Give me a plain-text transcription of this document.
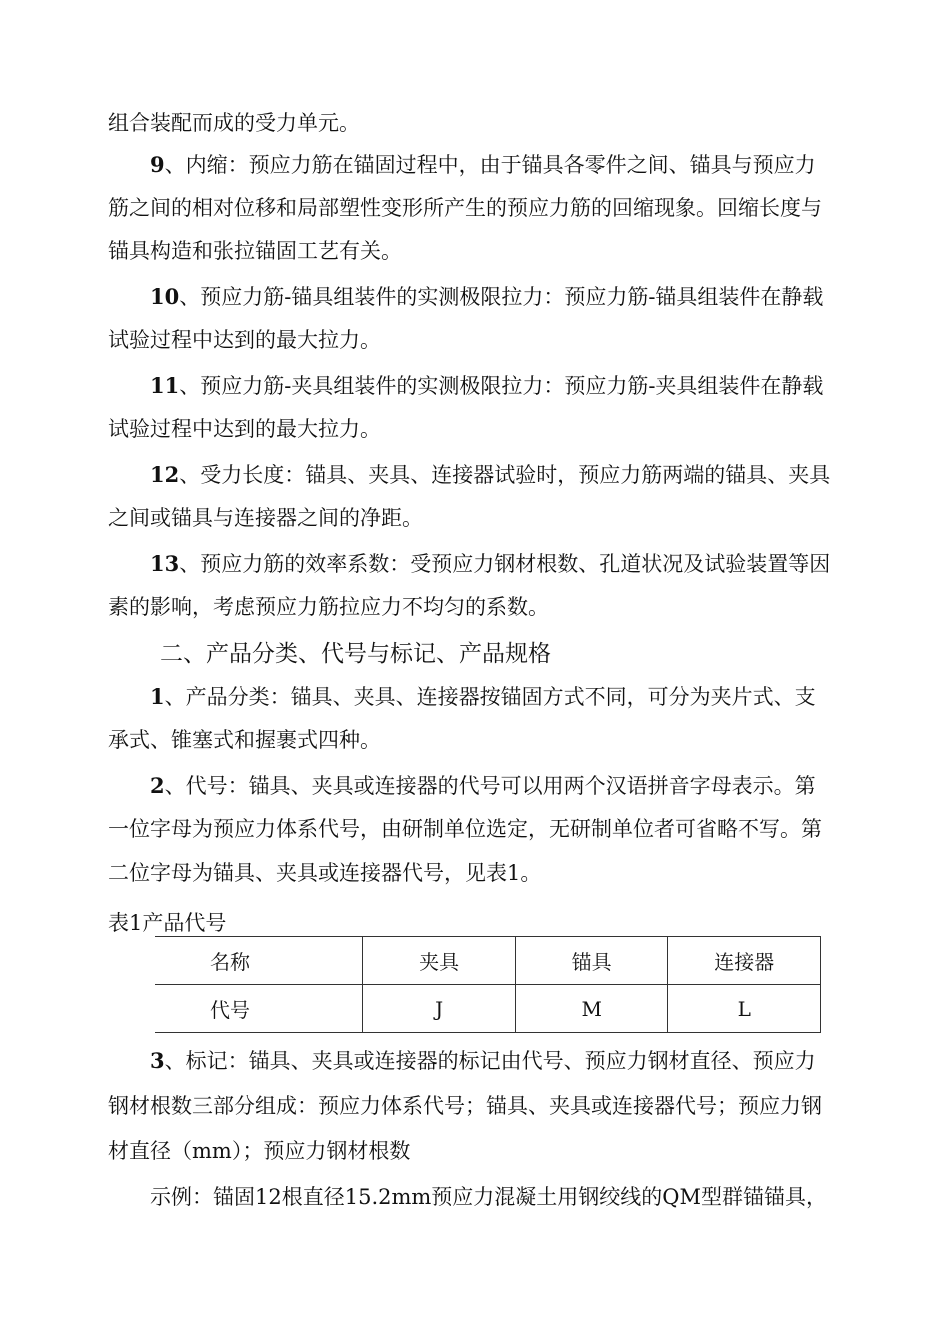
组合装配而成的受力单元。
9、内缩：预应力筋在锚固过程中，由于锚具各零件之间、锚具与预应力
筋之间的相对位移和局部塑性变形所产生的预应力筋的回缩现象。回缩长度与
锚具构造和张拉锚固工艺有关。
10、预应力筋-锚具组装件的实测极限拉力：预应力筋-锚具组装件在静载
试验过程中达到的最大拉力。
11、预应力筋-夹具组装件的实测极限拉力：预应力筋-夹具组装件在静载
试验过程中达到的最大拉力。
12、受力长度：锚具、夹具、连接器试验时，预应力筋两端的锚具、夹具
之间或锚具与连接器之间的净距。
13、预应力筋的效率系数：受预应力钢材根数、孔道状况及试验装置等因
素的影响，考虑预应力筋拉应力不均匀的系数。
二、产品分类、代号与标记、产品规格
1、产品分类：锚具、夹具、连接器按锚固方式不同，可分为夹片式、支
承式、锥塞式和握裹式四种。
2、代号：锚具、夹具或连接器的代号可以用两个汉语拼音字母表示。第
一位字母为预应力体系代号，由研制单位选定，无研制单位者可省略不写。第
二位字母为锚具、夹具或连接器代号，见表1。
表1产品代号
名称	夹具	锚具	连接器
代号	J	M	L
3、标记：锚具、夹具或连接器的标记由代号、预应力钢材直径、预应力
钢材根数三部分组成：预应力体系代号；锚具、夹具或连接器代号；预应力钢
材直径（mm）；预应力钢材根数
示例：锚固12根直径15.2mm预应力混凝土用钢绞线的QM型群锚锚具，
